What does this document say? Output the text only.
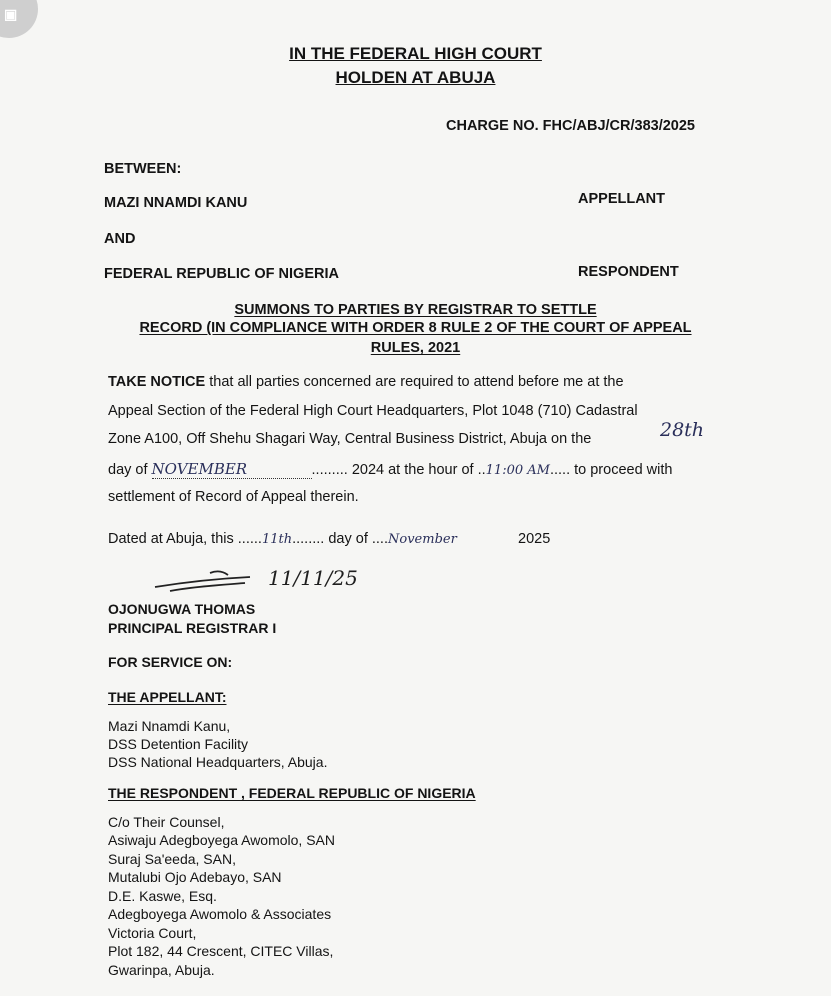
▣
IN THE FEDERAL HIGH COURT
HOLDEN AT ABUJA
CHARGE NO. FHC/ABJ/CR/383/2025
BETWEEN:
MAZI NNAMDI KANU	APPELLANT
AND
FEDERAL REPUBLIC OF NIGERIA	RESPONDENT
SUMMONS TO PARTIES BY REGISTRAR TO SETTLE
RECORD (IN COMPLIANCE WITH ORDER 8 RULE 2 OF THE COURT OF APPEAL
RULES, 2021
TAKE NOTICE that all parties concerned are required to attend before me at the
Appeal Section of the Federal High Court Headquarters, Plot 1048 (710) Cadastral
Zone A100, Off Shehu Shagari Way, Central Business District, Abuja on the	28th
day of NOVEMBER	......... 2024 at the hour of ..11:00 AM..... to proceed with
settlement of Record of Appeal therein.
Dated at Abuja, this ......11th........ day of ....November	2025
11/11/25
OJONUGWA THOMAS
PRINCIPAL REGISTRAR I
FOR SERVICE ON:
THE APPELLANT:
Mazi Nnamdi Kanu,
DSS Detention Facility
DSS National Headquarters, Abuja.
THE RESPONDENT , FEDERAL REPUBLIC OF NIGERIA
C/o Their Counsel,
Asiwaju Adegboyega Awomolo, SAN
Suraj Sa'eeda, SAN,
Mutalubi Ojo Adebayo, SAN
D.E. Kaswe, Esq.
Adegboyega Awomolo & Associates
Victoria Court,
Plot 182, 44 Crescent, CITEC Villas,
Gwarinpa, Abuja.
